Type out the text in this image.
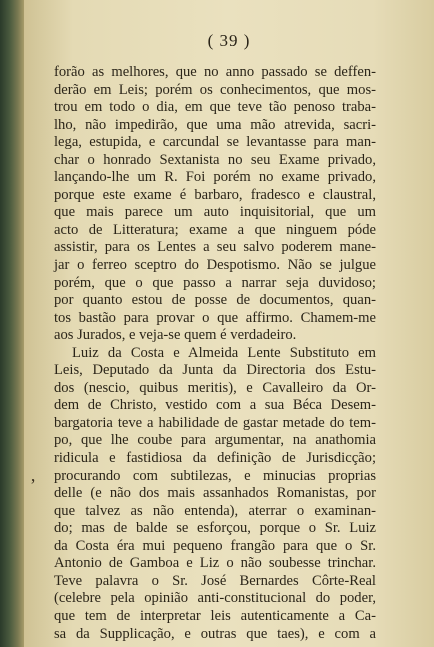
( 39 )
‚
forão as melhores, que no anno passado se deffen-
derão em Leis; porém os conhecimentos, que mos-
trou em todo o dia, em que teve tão penoso traba-
lho, não impedirão, que uma mão atrevida, sacri-
lega, estupida, e carcundal se levantasse para man-
char o honrado Sextanista no seu Exame privado,
lançando-lhe um R. Foi porém no exame privado,
porque este exame é barbaro, fradesco e claustral,
que mais parece um auto inquisitorial, que um
acto de Litteratura; exame a que ninguem póde
assistir, para os Lentes a seu salvo poderem mane-
jar o ferreo sceptro do Despotismo. Não se julgue
porém, que o que passo a narrar seja duvidoso;
por quanto estou de posse de documentos, quan-
tos bastão para provar o que affirmo. Chamem-me
aos Jurados, e veja-se quem é verdadeiro.
Luiz da Costa e Almeida Lente Substituto em
Leis, Deputado da Junta da Directoria dos Estu-
dos (nescio, quibus meritis), e Cavalleiro da Or-
dem de Christo, vestido com a sua Béca Desem-
bargatoria teve a habilidade de gastar metade do tem-
po, que lhe coube para argumentar, na anathomia
ridicula e fastidiosa da definição de Jurisdicção;
procurando com subtilezas, e minucias proprias
delle (e não dos mais assanhados Romanistas, por
que talvez as não entenda), aterrar o examinan-
do; mas de balde se esforçou, porque o Sr. Luiz
da Costa éra mui pequeno frangão para que o Sr.
Antonio de Gamboa e Liz o não soubesse trinchar.
Teve palavra o Sr. José Bernardes Côrte-Real
(celebre pela opinião anti-constitucional do poder,
que tem de interpretar leis autenticamente a Ca-
sa da Supplicação, e outras que taes), e com a
